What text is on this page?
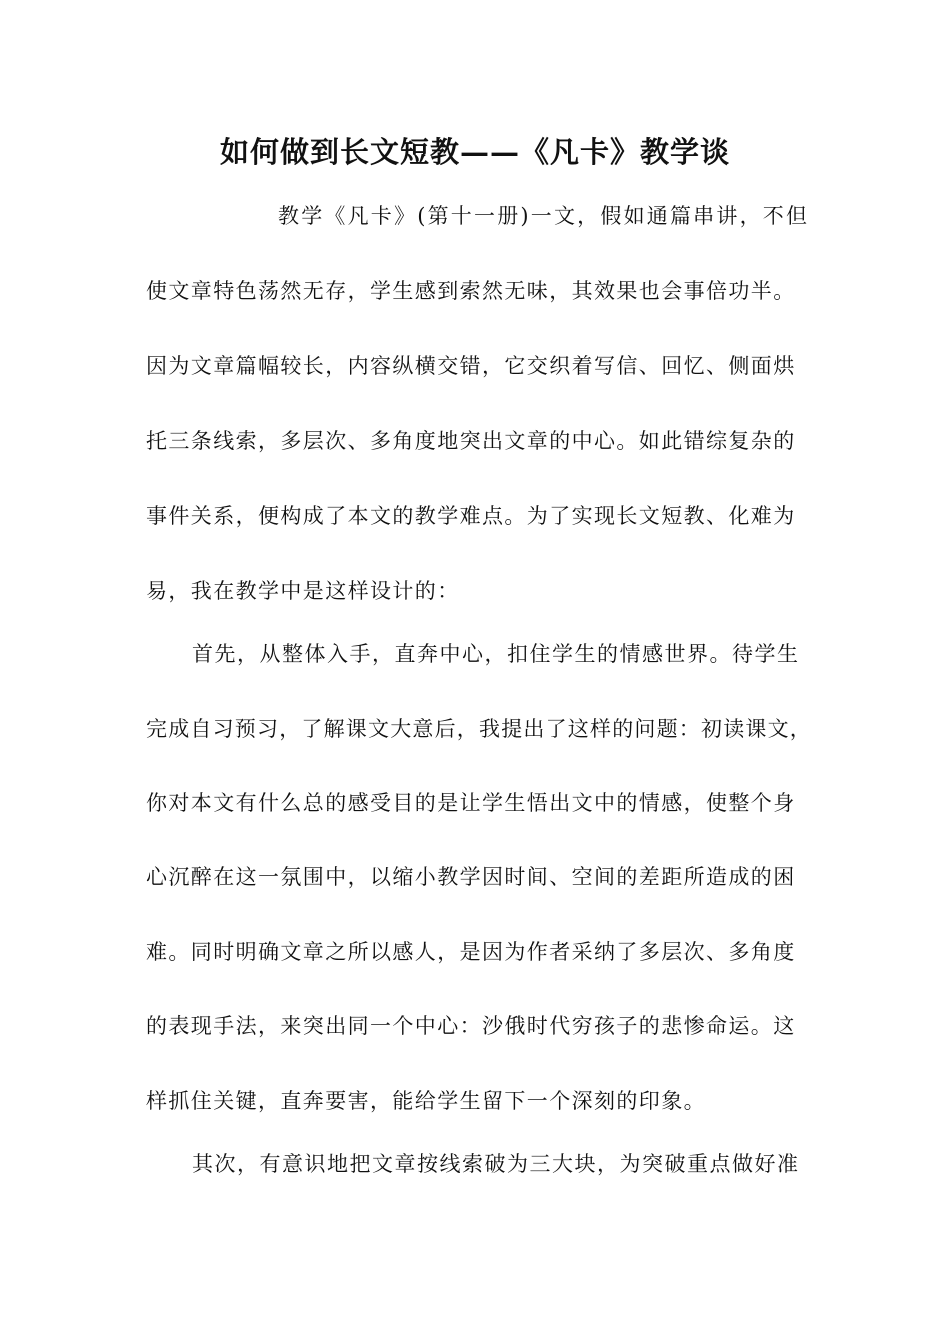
如何做到长文短教——《凡卡》教学谈
教学《凡卡》(第十一册)一文，假如通篇串讲，不但
使文章特色荡然无存，学生感到索然无味，其效果也会事倍功半。
因为文章篇幅较长，内容纵横交错，它交织着写信、回忆、侧面烘
托三条线索，多层次、多角度地突出文章的中心。如此错综复杂的
事件关系，便构成了本文的教学难点。为了实现长文短教、化难为
易，我在教学中是这样设计的：
首先，从整体入手，直奔中心，扣住学生的情感世界。待学生
完成自习预习，了解课文大意后，我提出了这样的问题：初读课文，
你对本文有什么总的感受目的是让学生悟出文中的情感，使整个身
心沉醉在这一氛围中，以缩小教学因时间、空间的差距所造成的困
难。同时明确文章之所以感人，是因为作者采纳了多层次、多角度
的表现手法，来突出同一个中心：沙俄时代穷孩子的悲惨命运。这
样抓住关键，直奔要害，能给学生留下一个深刻的印象。
其次，有意识地把文章按线索破为三大块，为突破重点做好准
